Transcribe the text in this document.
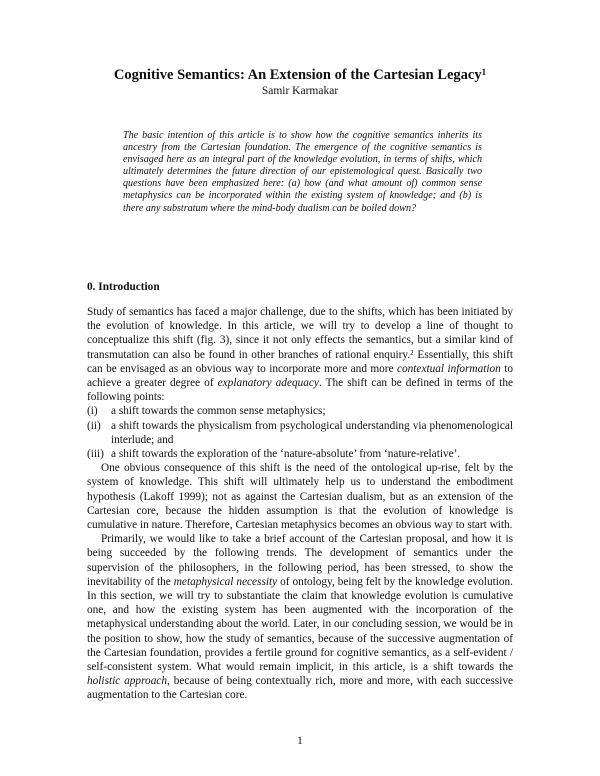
Cognitive Semantics: An Extension of the Cartesian Legacy$^1$
Samir Karmakar
The basic intention of this article is to show how the cognitive semantics inherits its ancestry from the Cartesian foundation. The emergence of the cognitive semantics is envisaged here as an integral part of the knowledge evolution, in terms of shifts, which ultimately determines the future direction of our epistemological quest. Basically two questions have been emphasized here: (a) how (and what amount of) common sense metaphysics can be incorporated within the existing system of knowledge; and (b) is there any substratum where the mind-body dualism can be boiled down?
0. Introduction

Study of semantics has faced a major challenge, due to the shifts, which has been initiated by the evolution of knowledge. In this article, we will try to develop a line of thought to conceptualize this shift (fig. 3), since it not only effects the semantics, but a similar kind of transmutation can also be found in other branches of rational enquiry.$^2$ Essentially, this shift can be envisaged as an obvious way to incorporate more and more contextual information to achieve a greater degree of explanatory adequacy. The shift can be defined in terms of the following points:

(i)	a shift towards the common sense metaphysics;
(ii) a shift towards the physicalism from psychological understanding via phenomenological interlude; and
(iii) a shift towards the exploration of the ‘nature-absolute’ from ‘nature-relative’.

One obvious consequence of this shift is the need of the ontological up-rise, felt by the system of knowledge. This shift will ultimately help us to understand the embodiment hypothesis (Lakoff 1999); not as against the Cartesian dualism, but as an extension of the Cartesian core, because the hidden assumption is that the evolution of knowledge is cumulative in nature. Therefore, Cartesian metaphysics becomes an obvious way to start with.

Primarily, we would like to take a brief account of the Cartesian proposal, and how it is being succeeded by the following trends. The development of semantics under the supervision of the philosophers, in the following period, has been stressed, to show the inevitability of the metaphysical necessity of ontology, being felt by the knowledge evolution. In this section, we will try to substantiate the claim that knowledge evolution is cumulative one, and how the existing system has been augmented with the incorporation of the metaphysical understanding about the world. Later, in our concluding session, we would be in the position to show, how the study of semantics, because of the successive augmentation of the Cartesian foundation, provides a fertile ground for cognitive semantics, as a self-evident / self-consistent system. What would remain implicit, in this article, is a shift towards the holistic approach, because of being contextually rich, more and more, with each successive augmentation to the Cartesian core.

1
